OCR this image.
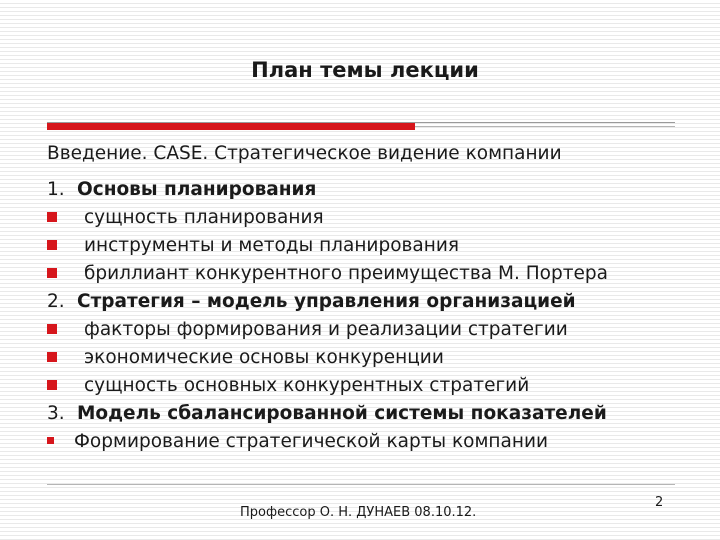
План темы лекции
Введение. CASE. Стратегическое видение компании
1. Основы планирования
сущность планирования
инструменты и методы планирования
бриллиант конкурентного преимущества М. Портера
2. Стратегия – модель управления организацией
факторы формирования и реализации стратегии
экономические основы конкуренции
сущность основных конкурентных стратегий
3. Модель сбалансированной системы показателей
Формирование стратегической карты компании
Профессор О. Н. ДУНАЕВ 08.10.12.
2
